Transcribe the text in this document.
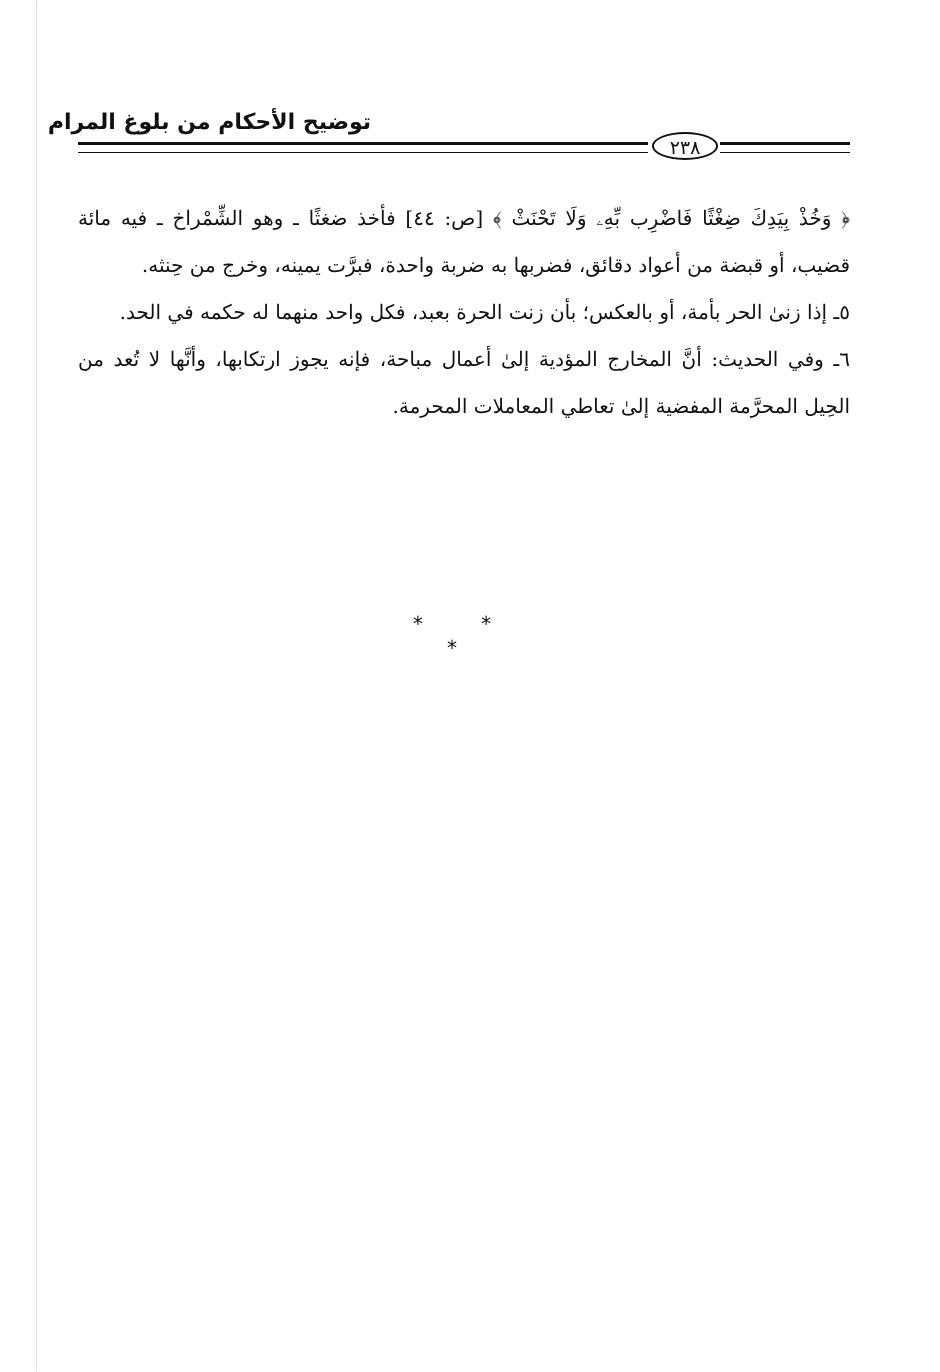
توضيح الأحكام من بلوغ المرام
٢٣٨

﴿ وَخُذْ بِيَدِكَ ضِغْثًا فَاضْرِب بِّهِۦ وَلَا تَحْنَثْ ﴾ [ص: ٤٤] فأخذ ضغثًا ـ وهو الشِّمْراخ ـ فيه مائة قضيب، أو قبضة من أعواد دقائق، فضربها به ضربة واحدة، فبرَّت يمينه، وخرج من حِنثه.

٥ـ إذا زنىٰ الحر بأمة، أو بالعكس؛ بأن زنت الحرة بعبد، فكل واحد منهما له حكمه في الحد.

٦ـ وفي الحديث: أنَّ المخارج المؤدية إلىٰ أعمال مباحة، فإنه يجوز ارتكابها، وأنَّها لا تُعد من الحِيل المحرَّمة المفضية إلىٰ تعاطي المعاملات المحرمة.

* * *
